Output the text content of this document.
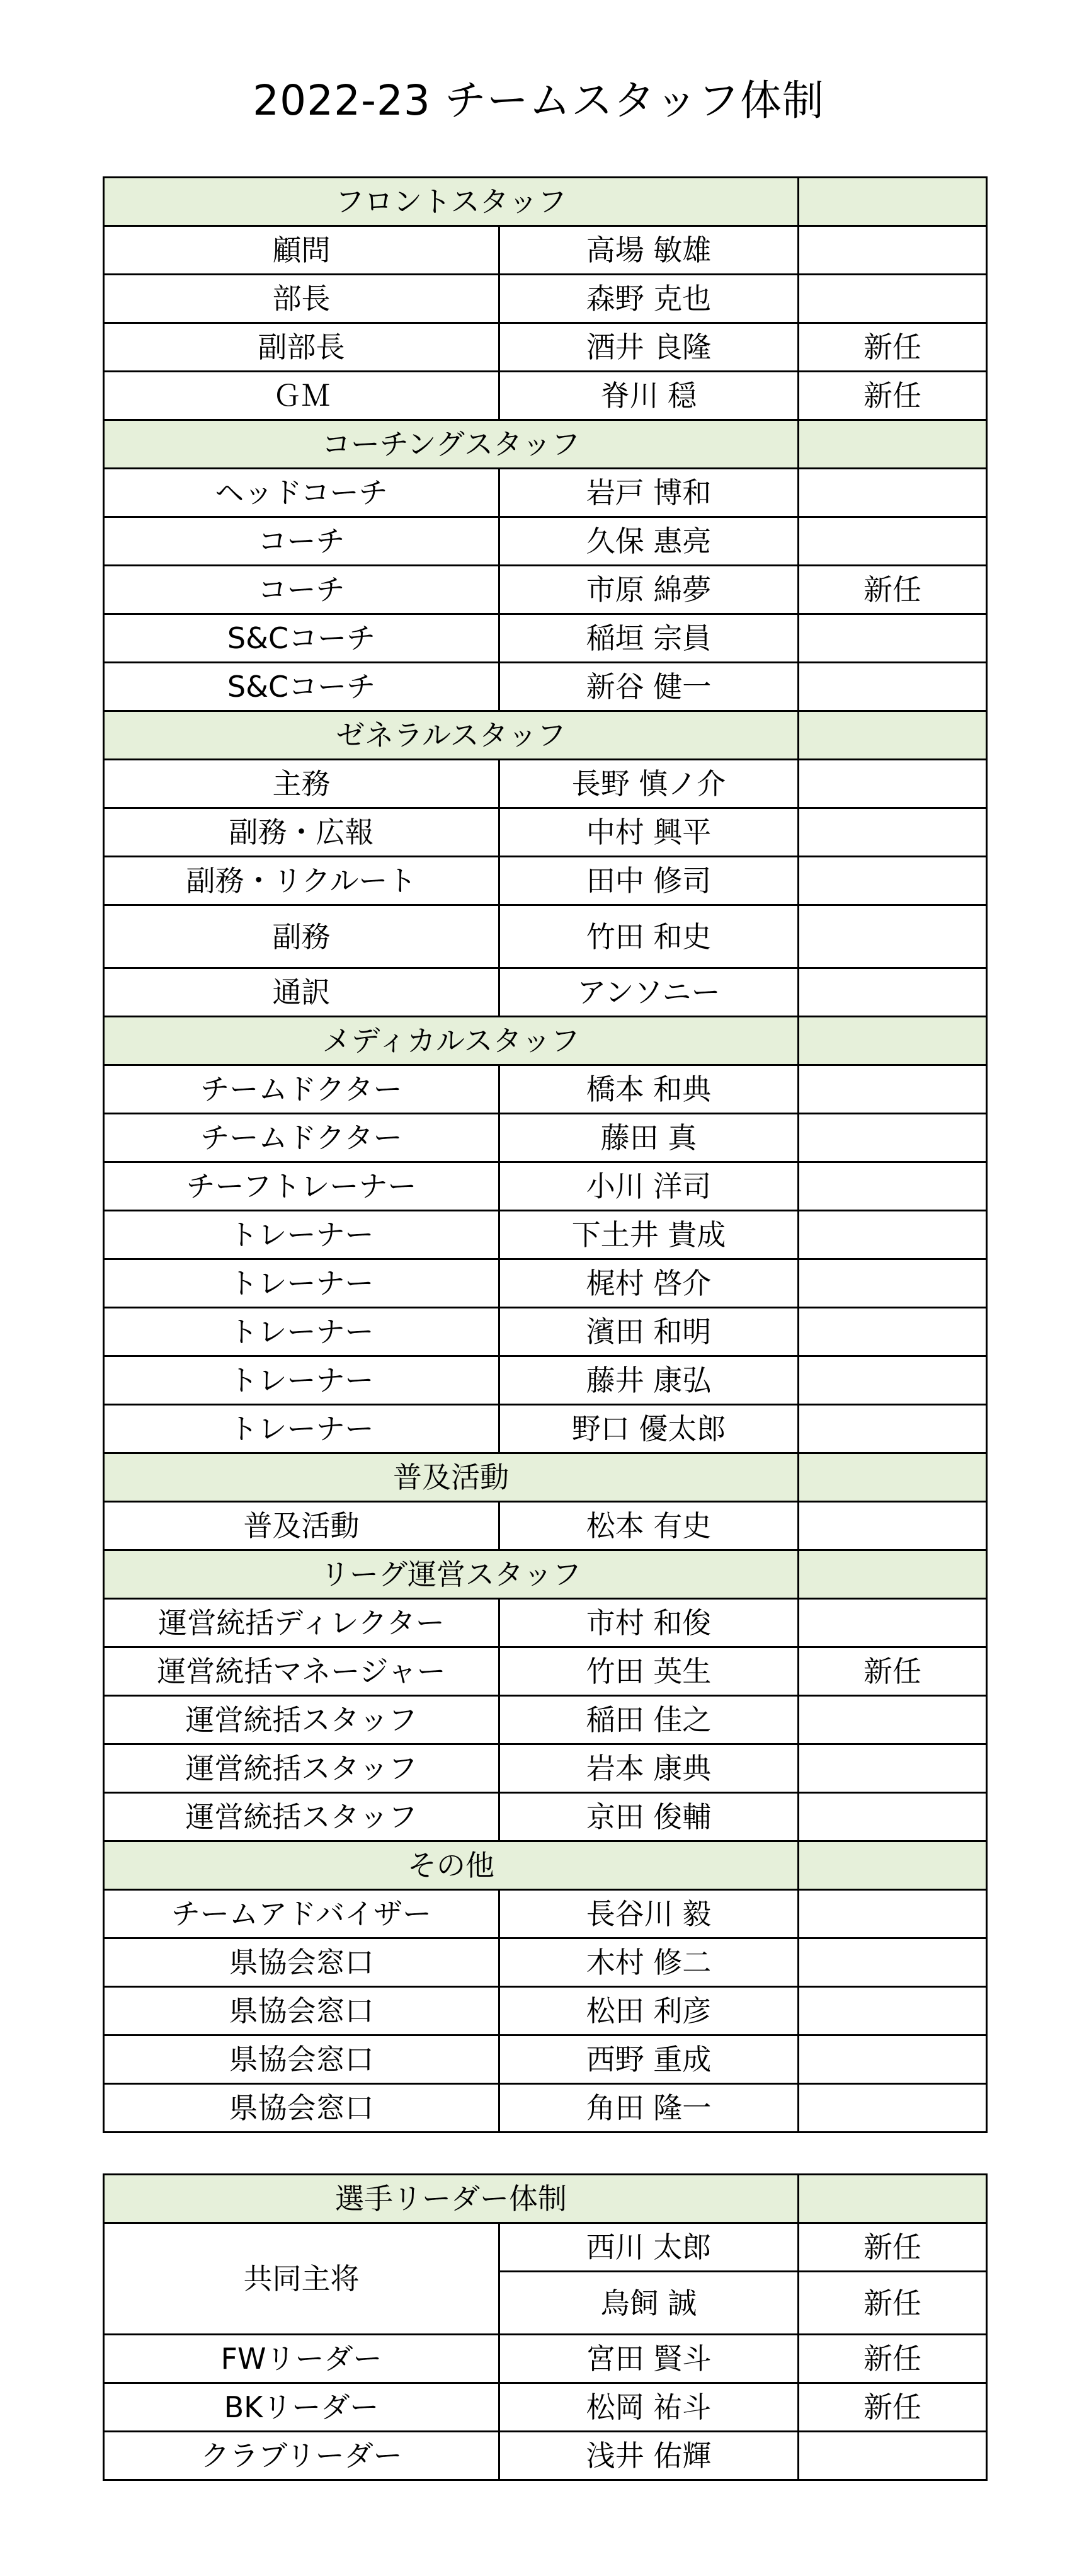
2022-23 チームスタッフ体制
フロントスタッフ		
顧問	高場 敏雄	
部長	森野 克也	
副部長	酒井 良隆	新任
ＧＭ	脊川 穏	新任
コーチングスタッフ		
ヘッドコーチ	岩戸 博和	
コーチ	久保 惠亮	
コーチ	市原 綿夢	新任
S&Cコーチ	稲垣 宗員	
S&Cコーチ	新谷 健一	
ゼネラルスタッフ		
主務	長野 慎ノ介	
副務・広報	中村 興平	
副務・リクルート	田中 修司	
副務	竹田 和史	
通訳	アンソニー	
メディカルスタッフ		
チームドクター	橋本 和典	
チームドクター	藤田 真	
チーフトレーナー	小川 洋司	
トレーナー	下土井 貴成	
トレーナー	梶村 啓介	
トレーナー	濱田 和明	
トレーナー	藤井 康弘	
トレーナー	野口 優太郎	
普及活動		
普及活動	松本 有史	
リーグ運営スタッフ		
運営統括ディレクター	市村 和俊	
運営統括マネージャー	竹田 英生	新任
運営統括スタッフ	稲田 佳之	
運営統括スタッフ	岩本 康典	
運営統括スタッフ	京田 俊輔	
その他		
チームアドバイザー	長谷川 毅	
県協会窓口	木村 修二	
県協会窓口	松田 利彦	
県協会窓口	西野 重成	
県協会窓口	角田 隆一	
選手リーダー体制		
共同主将	西川 太郎	新任
	鳥飼 誠	新任
FWリーダー	宮田 賢斗	新任
BKリーダー	松岡 祐斗	新任
クラブリーダー	浅井 佑輝	
